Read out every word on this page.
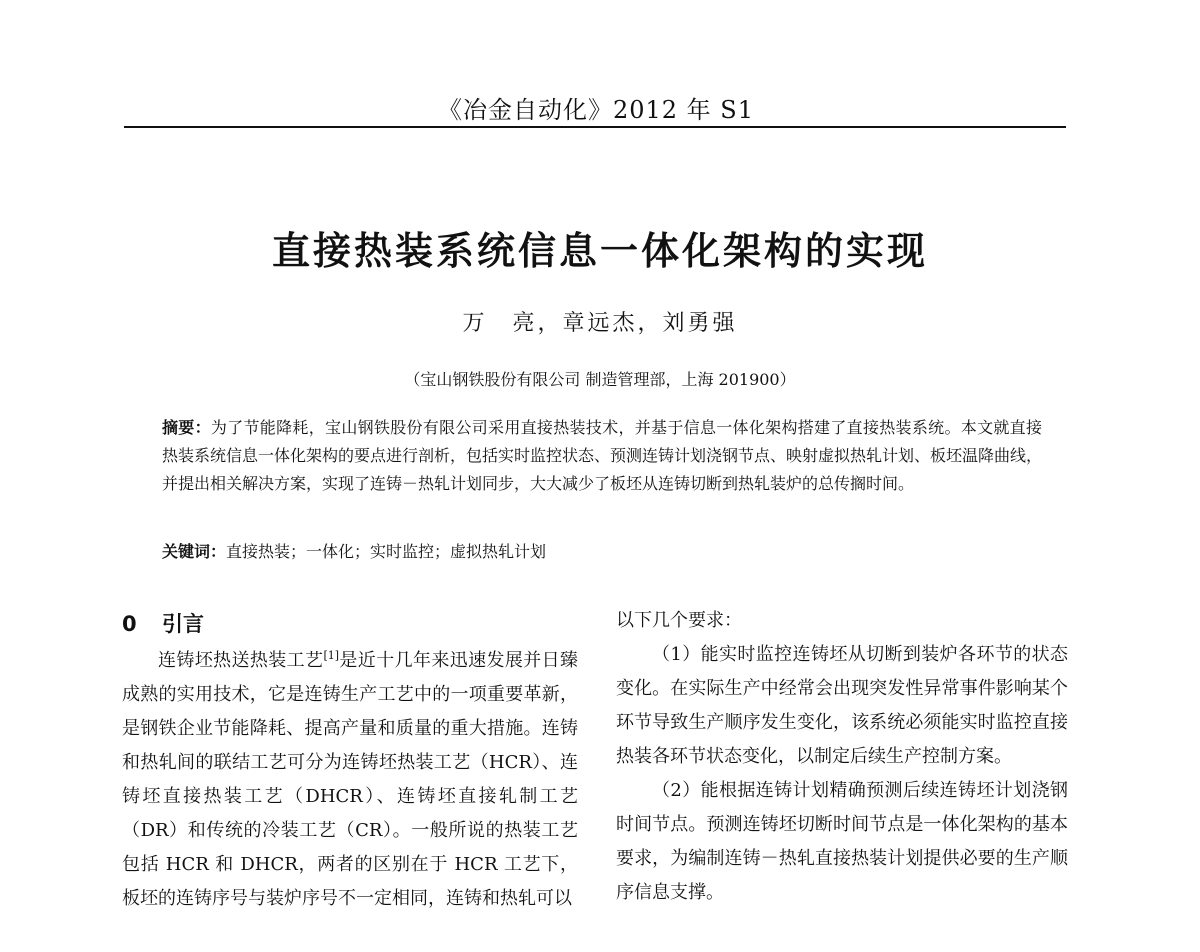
《冶金自动化》2012 年 S1
直接热装系统信息一体化架构的实现
万　亮，章远杰，刘勇强
（宝山钢铁股份有限公司 制造管理部，上海 201900）
摘要：为了节能降耗，宝山钢铁股份有限公司采用直接热装技术，并基于信息一体化架构搭建了直接热装系统。本文就直接热装系统信息一体化架构的要点进行剖析，包括实时监控状态、预测连铸计划浇钢节点、映射虚拟热轧计划、板坯温降曲线，并提出相关解决方案，实现了连铸－热轧计划同步，大大减少了板坯从连铸切断到热轧装炉的总传搁时间。
关键词：直接热装；一体化；实时监控；虚拟热轧计划
0 引言

连铸坯热送热装工艺[1]是近十几年来迅速发展并日臻成熟的实用技术，它是连铸生产工艺中的一项重要革新，是钢铁企业节能降耗、提高产量和质量的重大措施。连铸和热轧间的联结工艺可分为连铸坯热装工艺（HCR）、连铸坯直接热装工艺（DHCR）、连铸坯直接轧制工艺（DR）和传统的冷装工艺（CR）。一般所说的热装工艺包括 HCR 和 DHCR，两者的区别在于 HCR 工艺下，板坯的连铸序号与装炉序号不一定相同，连铸和热轧可以

以下几个要求：

（1）能实时监控连铸坯从切断到装炉各环节的状态变化。在实际生产中经常会出现突发性异常事件影响某个环节导致生产顺序发生变化，该系统必须能实时监控直接热装各环节状态变化，以制定后续生产控制方案。

（2）能根据连铸计划精确预测后续连铸坯计划浇钢时间节点。预测连铸坯切断时间节点是一体化架构的基本要求，为编制连铸－热轧直接热装计划提供必要的生产顺序信息支撑。
